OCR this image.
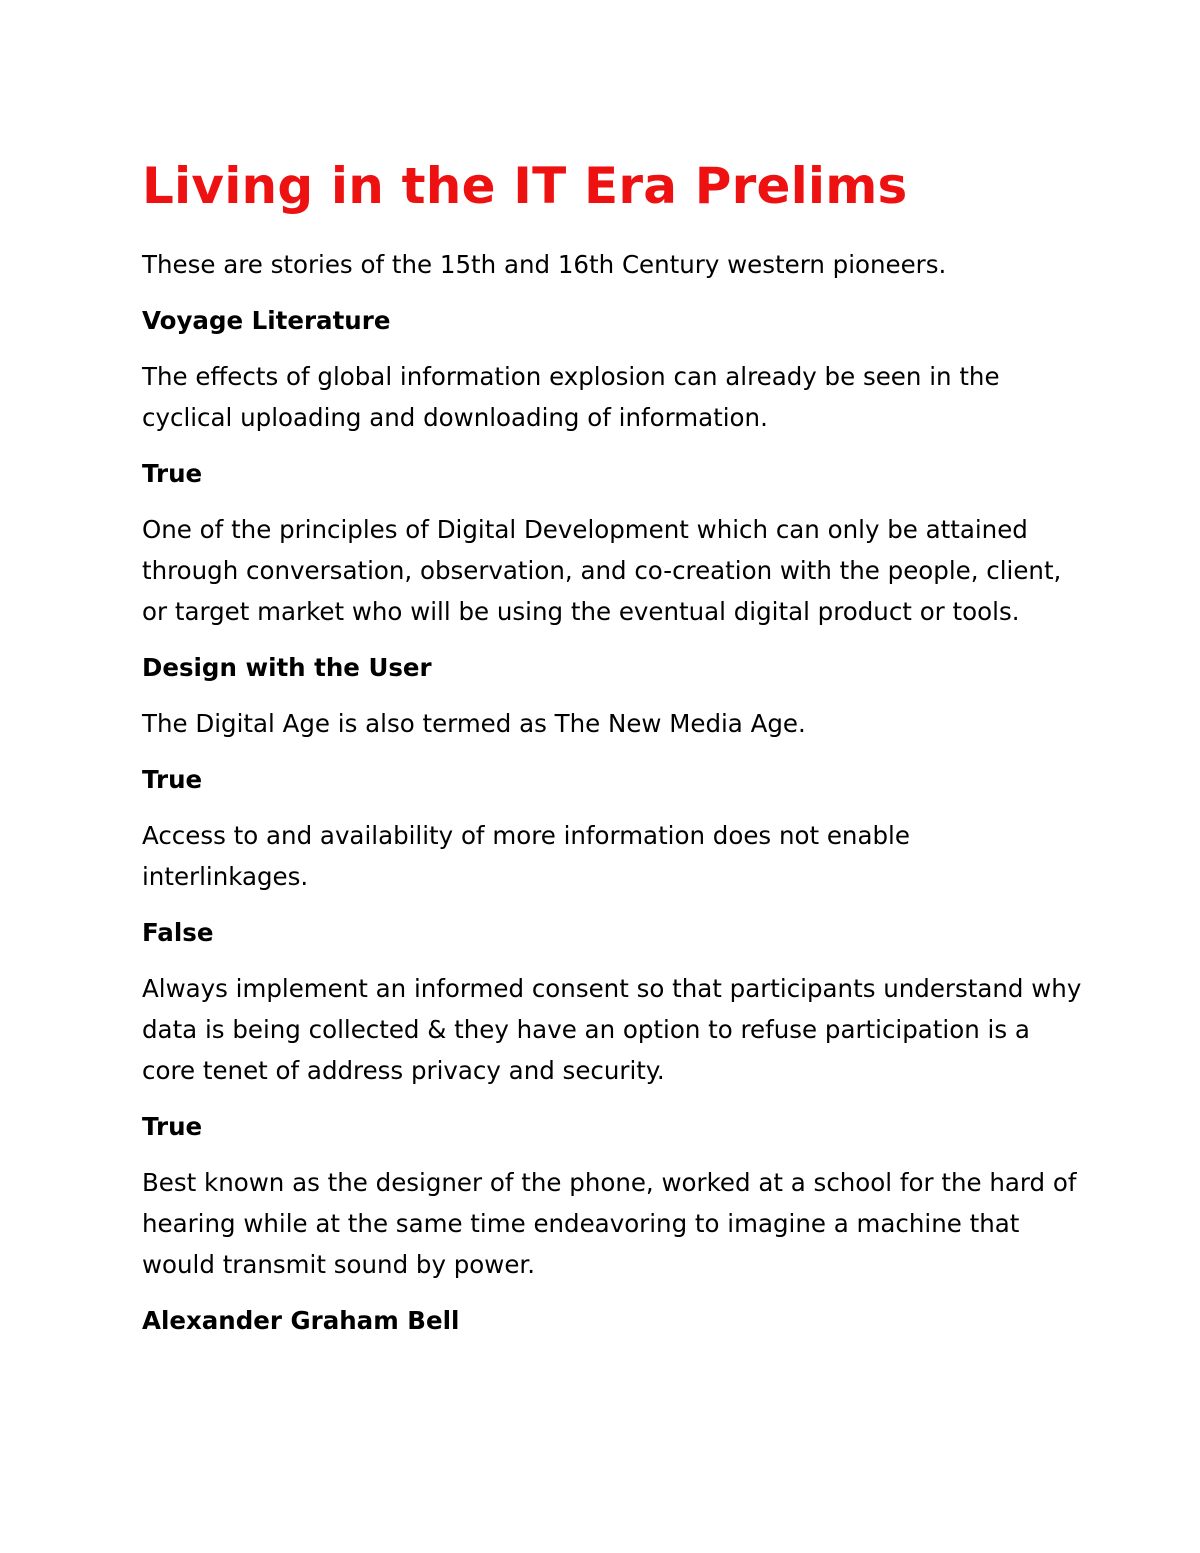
Living in the IT Era Prelims

These are stories of the 15th and 16th Century western pioneers.

Voyage Literature

The effects of global information explosion can already be seen in the cyclical uploading and downloading of information.

True

One of the principles of Digital Development which can only be attained through conversation, observation, and co-creation with the people, client, or target market who will be using the eventual digital product or tools.

Design with the User

The Digital Age is also termed as The New Media Age.

True

Access to and availability of more information does not enable interlinkages.

False

Always implement an informed consent so that participants understand why data is being collected & they have an option to refuse participation is a core tenet of address privacy and security.

True

Best known as the designer of the phone, worked at a school for the hard of hearing while at the same time endeavoring to imagine a machine that would transmit sound by power.

Alexander Graham Bell
